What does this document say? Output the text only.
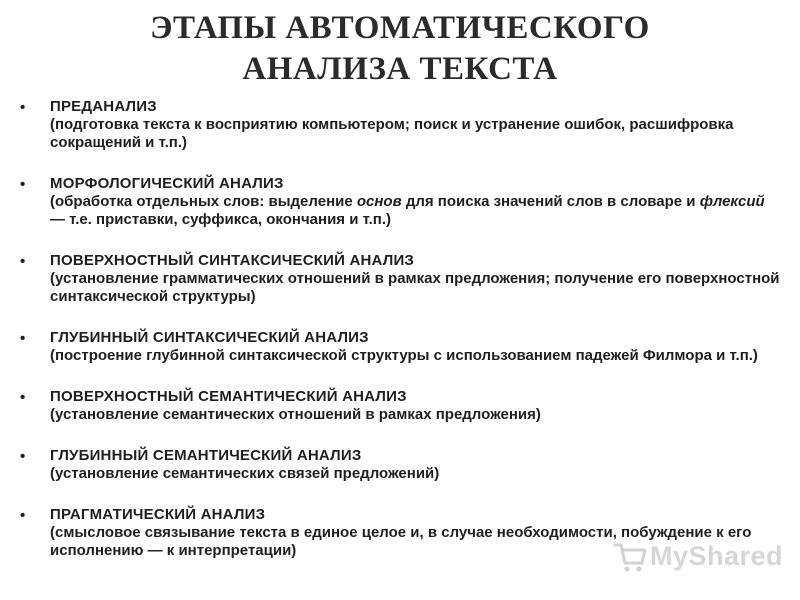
ЭТАПЫ АВТОМАТИЧЕСКОГО
АНАЛИЗА ТЕКСТА
• ПРЕДАНАЛИЗ
(подготовка текста к восприятию компьютером; поиск и устранение ошибок, расшифровка сокращений и т.п.)
• МОРФОЛОГИЧЕСКИЙ АНАЛИЗ
(обработка отдельных слов: выделение основ для поиска значений слов в словаре и флексий — т.е. приставки, суффикса, окончания и т.п.)
• ПОВЕРХНОСТНЫЙ СИНТАКСИЧЕСКИЙ АНАЛИЗ
(установление грамматических отношений в рамках предложения; получение его поверхностной синтаксической структуры)
• ГЛУБИННЫЙ СИНТАКСИЧЕСКИЙ АНАЛИЗ
(построение глубинной синтаксической структуры с использованием падежей Филмора и т.п.)
• ПОВЕРХНОСТНЫЙ СЕМАНТИЧЕСКИЙ АНАЛИЗ
(установление семантических отношений в рамках предложения)
• ГЛУБИННЫЙ СЕМАНТИЧЕСКИЙ АНАЛИЗ
(установление семантических связей предложений)
• ПРАГМАТИЧЕСКИЙ АНАЛИЗ
(смысловое связывание текста в единое целое и, в случае необходимости, побуждение к его исполнению — к интерпретации)	MyShared
